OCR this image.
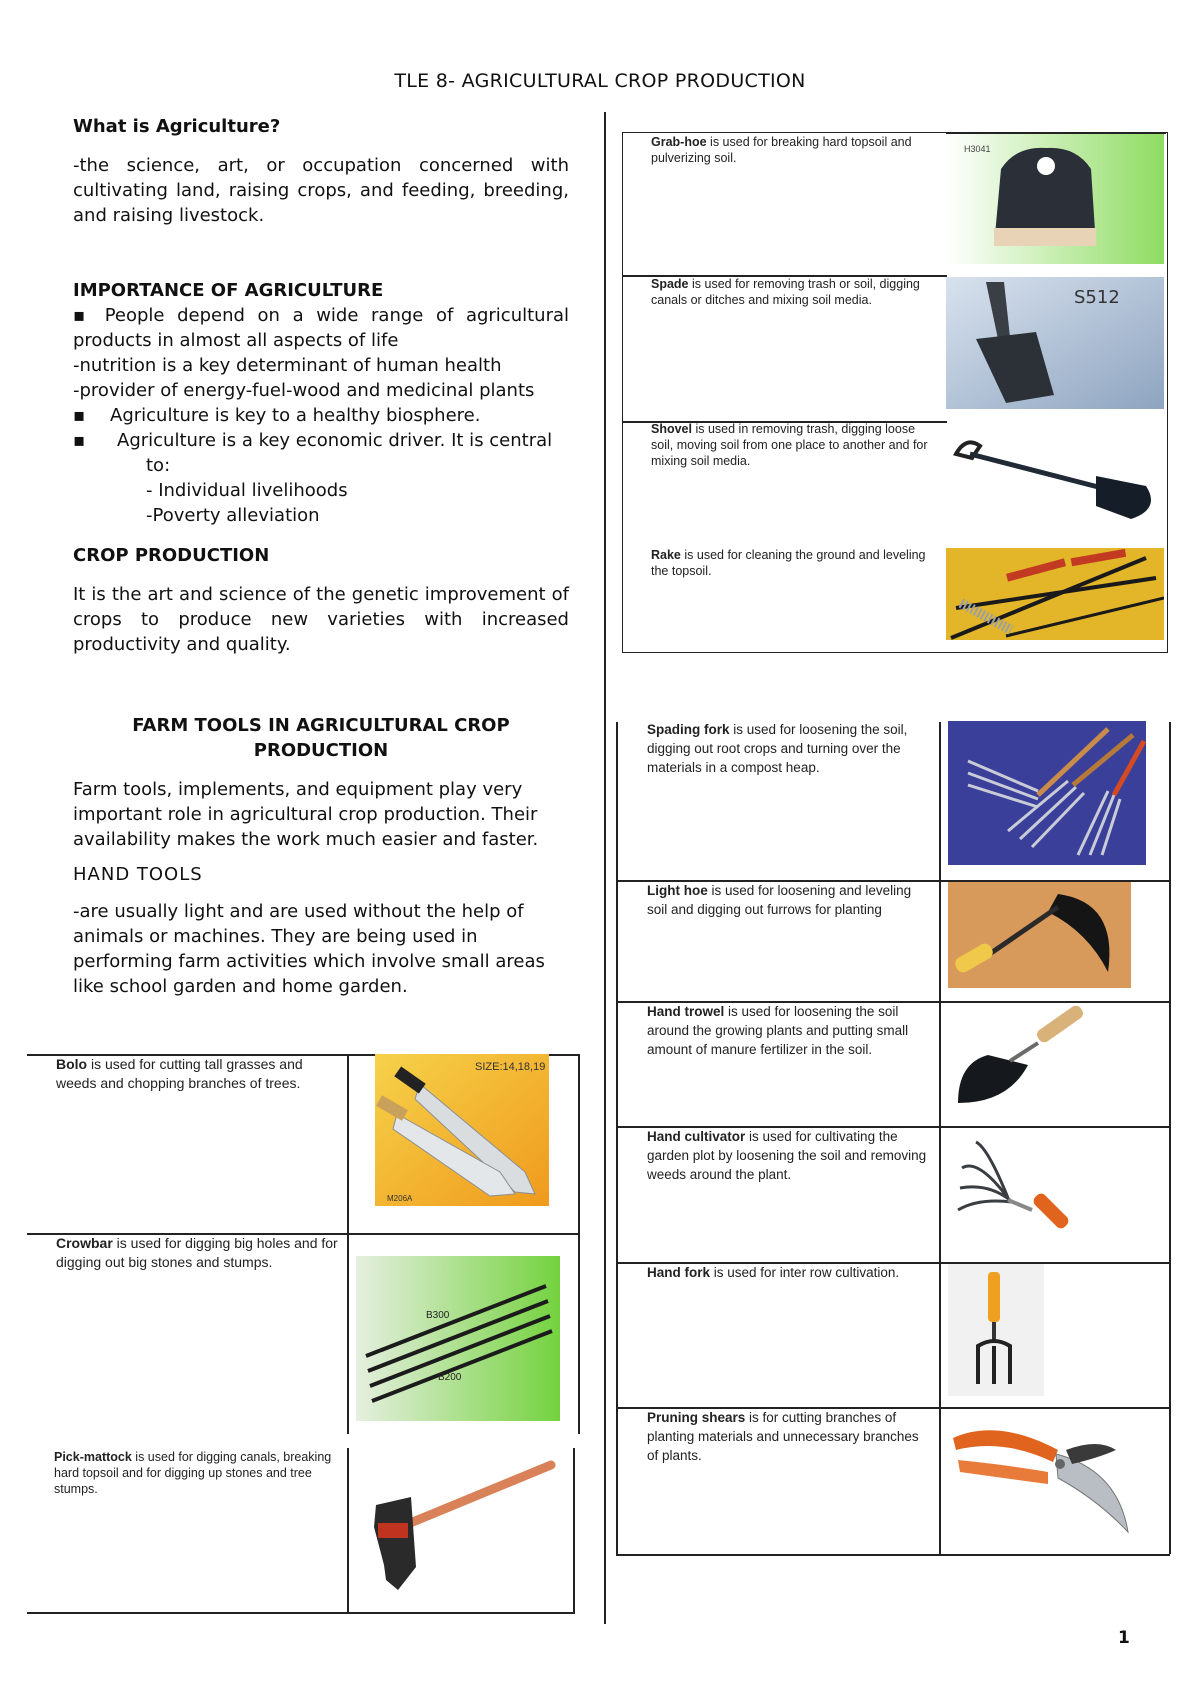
TLE 8- AGRICULTURAL CROP PRODUCTION
What is Agriculture?
-the science, art, or occupation concerned with cultivating land, raising crops, and feeding, breeding, and raising livestock.
IMPORTANCE OF AGRICULTURE
▪ People depend on a wide range of agricultural products in almost all aspects of life
-nutrition is a key determinant of human health
-provider of energy-fuel-wood and medicinal plants
▪	Agriculture is key to a healthy biosphere.
▪	Agriculture is a key economic driver. It is central
to:
- Individual livelihoods
-Poverty alleviation
CROP PRODUCTION
It is the art and science of the genetic improvement of crops to produce new varieties with increased productivity and quality.
FARM TOOLS IN AGRICULTURAL CROP
PRODUCTION
Farm tools, implements, and equipment play very important role in agricultural crop production. Their availability makes the work much easier and faster.
HAND TOOLS
-are usually light and are used without the help of animals or machines. They are being used in performing farm activities which involve small areas like school garden and home garden.
Bolo is used for cutting tall grasses and weeds and chopping branches of trees.
SIZE:14,18,19
M206A
Crowbar is used for digging big holes and for digging out big stones and stumps.
B300
B200
Pick-mattock is used for digging canals, breaking hard topsoil and for digging up stones and tree stumps.
Grab-hoe is used for breaking hard topsoil and pulverizing soil.
H3041
Spade is used for removing trash or soil, digging canals or ditches and mixing soil media.	S512
Shovel is used in removing trash, digging loose soil, moving soil from one place to another and for mixing soil media.
Rake is used for cleaning the ground and leveling the topsoil.
Spading fork is used for loosening the soil, digging out root crops and turning over the materials in a compost heap.
Light hoe is used for loosening and leveling soil and digging out furrows for planting
Hand trowel is used for loosening the soil around the growing plants and putting small amount of manure fertilizer in the soil.
Hand cultivator is used for cultivating the garden plot by loosening the soil and removing weeds around the plant.
Hand fork is used for inter row cultivation.
Pruning shears is for cutting branches of planting materials and unnecessary branches of plants.
1
